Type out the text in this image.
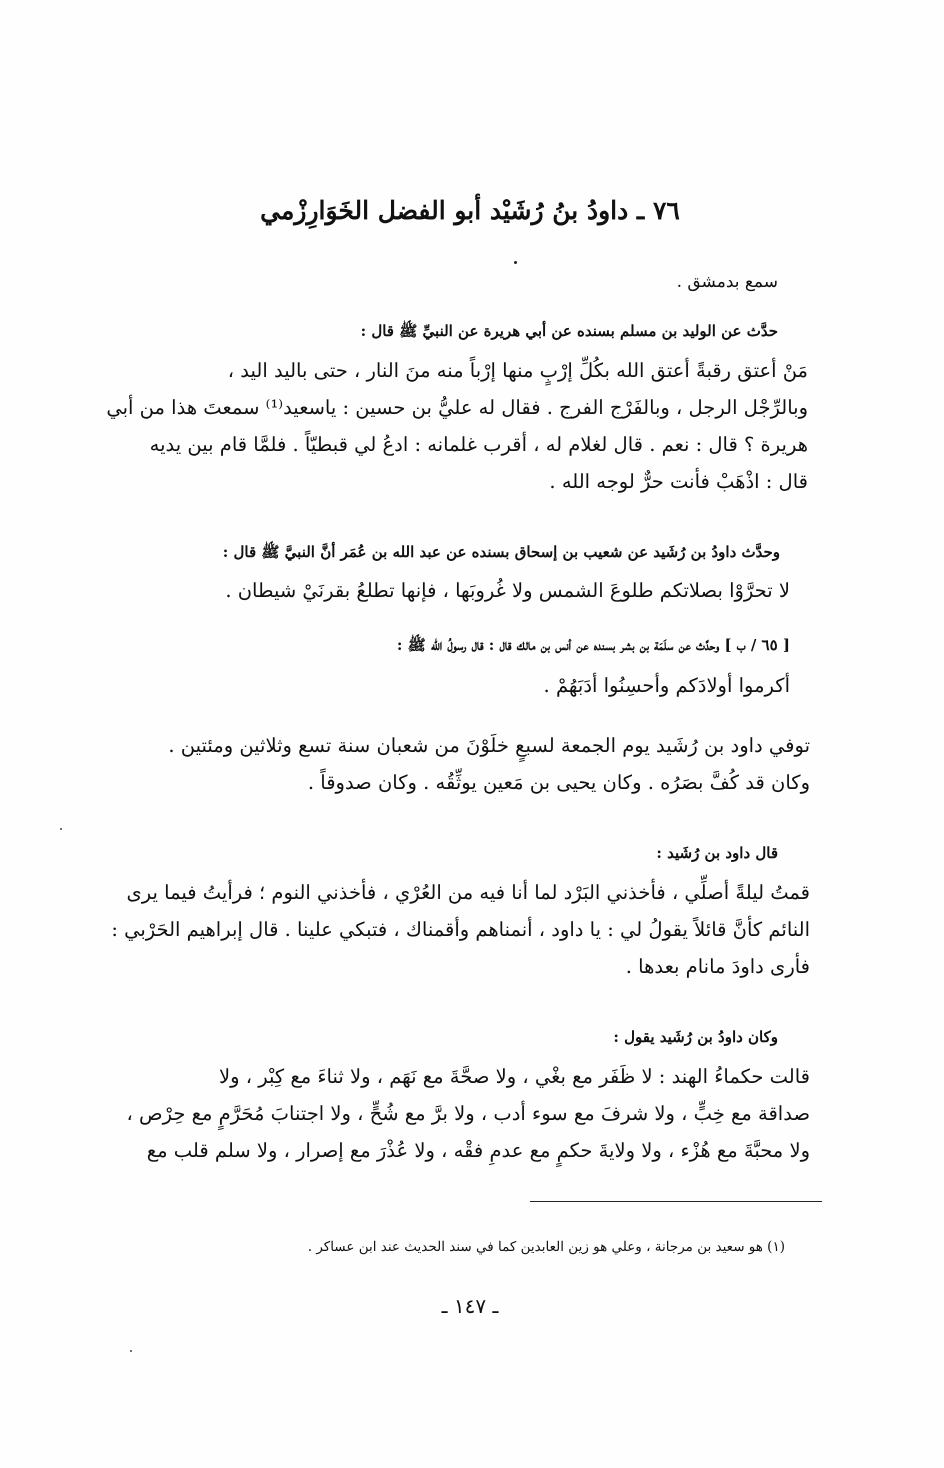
٧٦ ـ داودُ بنُ رُشَيْد أبو الفضل الخَوَارِزْمي
سمع بدمشق .
حدَّث عن الوليد بن مسلم بسنده عن أبي هريرة عن النبيِّ ﷺ قال :
مَنْ أعتق رقبةً أعتق الله بكُلِّ إرْبٍ منها إرْباً منه منَ النار ، حتى باليد اليد ،
وبالرِّجْل الرجل ، وبالفَرْج الفرج . فقال له عليُّ بن حسين : ياسعيد⁽¹⁾ سمعتَ هذا من أبي
هريرة ؟ قال : نعم . قال لغلام له ، أقرب غلمانه : ادعُ لي قبطيّاً . فلمَّا قام بين يديه
قال : اذْهَبْ فأنت حرٌّ لوجه الله .
وحدَّث داودُ بن رُشَيد عن شعيب بن إسحاق بسنده عن عبد الله بن عُمَر أنَّ النبيَّ ﷺ قال :
لا تحرَّوْا بصلاتكم طلوعَ الشمس ولا غُروبَها ، فإنها تطلعُ بقرنَيْ شيطان .
[ ٦٥ / ب ] وحدَّث عن سلَمَة بن بشر بسنده عن أنس بن مالك قال : قال رسولُ الله ﷺ :
أكرموا أولادَكم وأحسِنُوا أدَبَهُمْ .
توفي داود بن رُشَيد يوم الجمعة لسبعٍ خلَوْنَ من شعبان سنة تسع وثلاثين ومئتين .
وكان قد كُفَّ بصَرُه . وكان يحيى بن مَعين يوثِّقُه . وكان صدوقاً .
قال داود بن رُشَيد :
قمتُ ليلةً أصلِّي ، فأخذني البَرْد لما أنا فيه من العُرْي ، فأخذني النوم ؛ فرأيتُ فيما يرى
النائم كأنَّ قائلاً يقولُ لي : يا داود ، أنمناهم وأقمناك ، فتبكي علينا . قال إبراهيم الحَرْبي :
فأرى داودَ مانام بعدها .
وكان داودُ بن رُشَيد يقول :
قالت حكماءُ الهند : لا ظَفَر مع بغْي ، ولا صحَّةَ مع نَهَم ، ولا ثناءَ مع كِبْر ، ولا
صداقة مع خِبٍّ ، ولا شرفَ مع سوء أدب ، ولا برَّ مع شُحٍّ ، ولا اجتنابَ مُحَرَّمٍ مع حِرْص ،
ولا محبَّةَ مع هُزْء ، ولا ولايةَ حكمٍ مع عدمِ فقْه ، ولا عُذْرَ مع إصرار ، ولا سلم قلب مع
(١) هو سعيد بن مرجانة ، وعلي هو زين العابدين كما في سند الحديث عند ابن عساكر .
ـ ١٤٧ ـ
